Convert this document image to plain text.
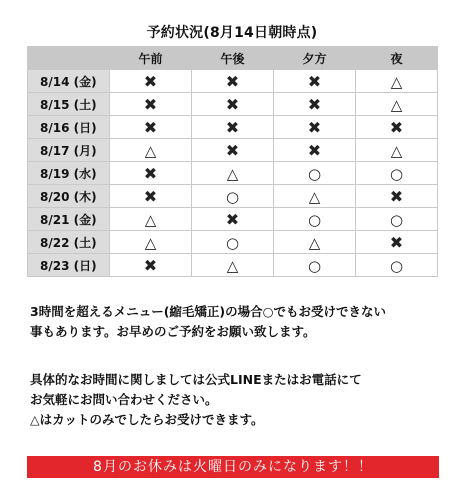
予約状況(8月14日朝時点)
	午前	午後	夕方	夜
8/14 (金)	✖	✖	✖	△
8/15 (土)	✖	✖	✖	△
8/16 (日)	✖	✖	✖	✖
8/17 (月)	△	✖	✖	△
8/19 (水)	✖	△	○	○
8/20 (木)	✖	○	△	✖
8/21 (金)	△	✖	○	○
8/22 (土)	△	○	△	✖
8/23 (日)	✖	△	○	○

3時間を超えるメニュー(縮毛矯正)の場合○でもお受けできない

事もあります。お早めのご予約をお願い致します。

具体的なお時間に関しましては公式LINEまたはお電話にて

お気軽にお問い合わせください。

△はカットのみでしたらお受けできます。

8月のお休みは火曜日のみになります！！
